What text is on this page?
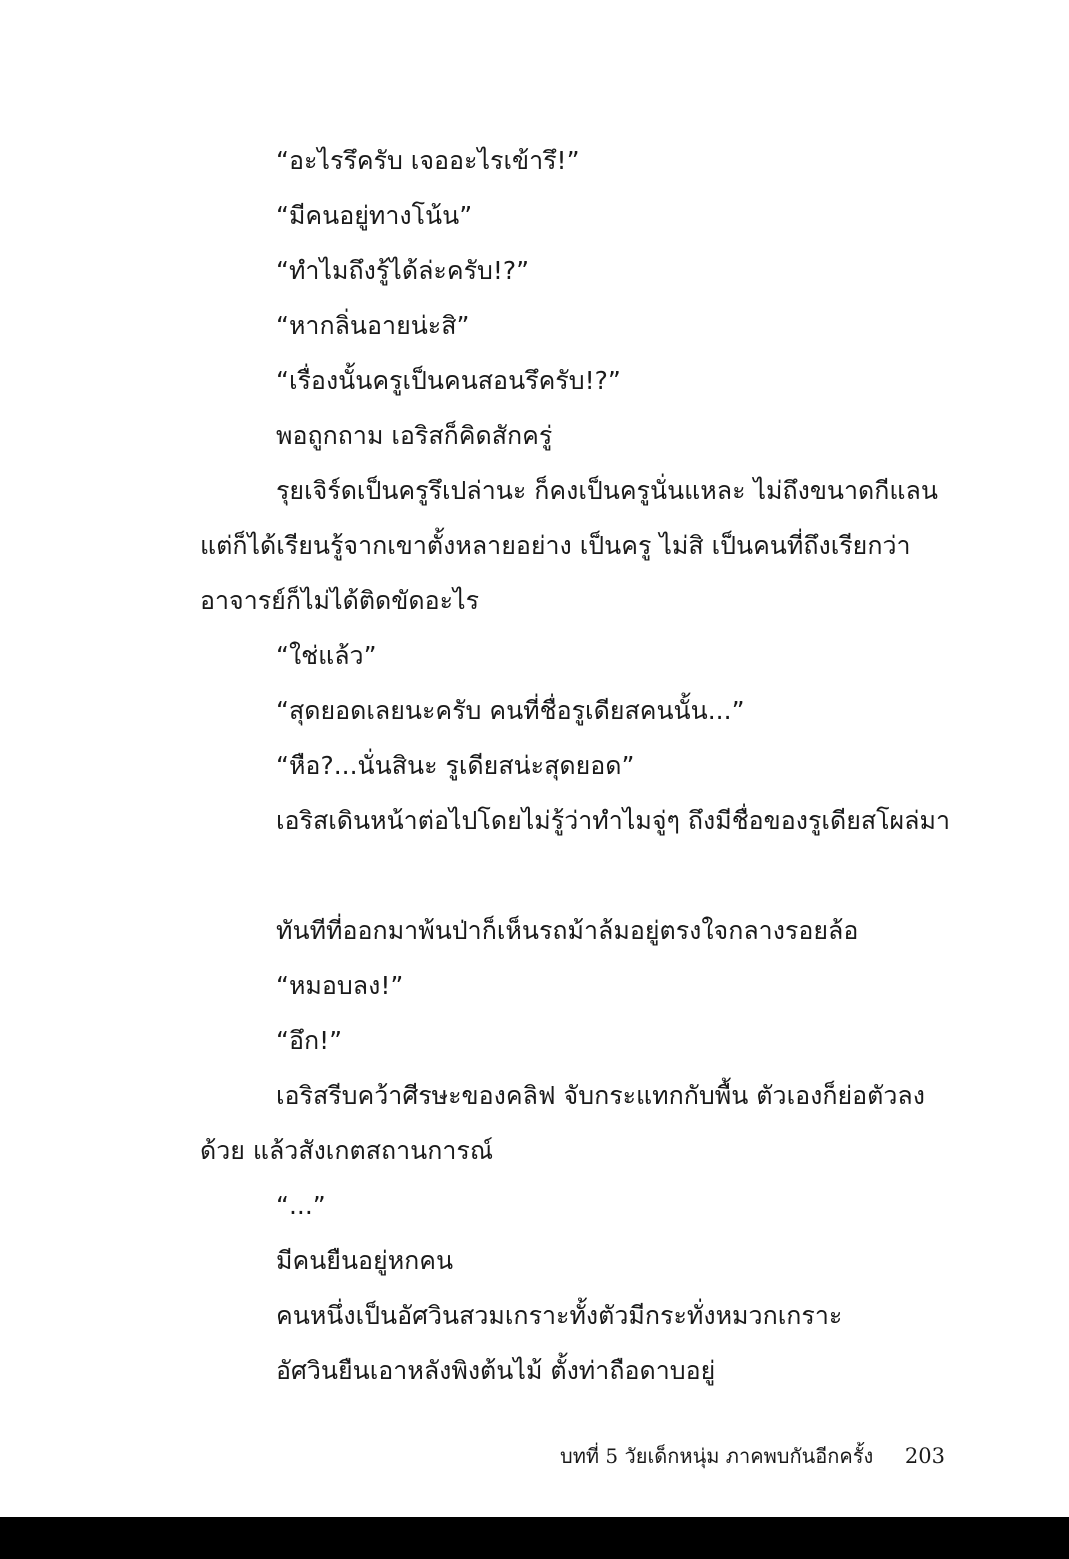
“อะไรรึครับ เจออะไรเข้ารึ!”
“มีคนอยู่ทางโน้น”
“ทำไมถึงรู้ได้ล่ะครับ!?”
“หากลิ่นอายน่ะสิ”
“เรื่องนั้นครูเป็นคนสอนรึครับ!?”
พอถูกถาม เอริสก็คิดสักครู่
รุยเจิร์ดเป็นครูรึเปล่านะ ก็คงเป็นครูนั่นแหละ ไม่ถึงขนาดกีแลน
แต่ก็ได้เรียนรู้จากเขาตั้งหลายอย่าง เป็นครู ไม่สิ เป็นคนที่ถึงเรียกว่า
อาจารย์ก็ไม่ได้ติดขัดอะไร
“ใช่แล้ว”
“สุดยอดเลยนะครับ คนที่ชื่อรูเดียสคนนั้น...”
“หือ?...นั่นสินะ รูเดียสน่ะสุดยอด”
เอริสเดินหน้าต่อไปโดยไม่รู้ว่าทำไมจู่ๆ ถึงมีชื่อของรูเดียสโผล่มา
ทันทีที่ออกมาพ้นป่าก็เห็นรถม้าล้มอยู่ตรงใจกลางรอยล้อ
“หมอบลง!”
“อึก!”
เอริสรีบคว้าศีรษะของคลิฟ จับกระแทกกับพื้น ตัวเองก็ย่อตัวลง
ด้วย แล้วสังเกตสถานการณ์
“...”
มีคนยืนอยู่หกคน
คนหนึ่งเป็นอัศวินสวมเกราะทั้งตัวมีกระทั่งหมวกเกราะ
อัศวินยืนเอาหลังพิงต้นไม้ ตั้งท่าถือดาบอยู่
บทที่ 5 วัยเด็กหนุ่ม ภาคพบกันอีกครั้ง 203
